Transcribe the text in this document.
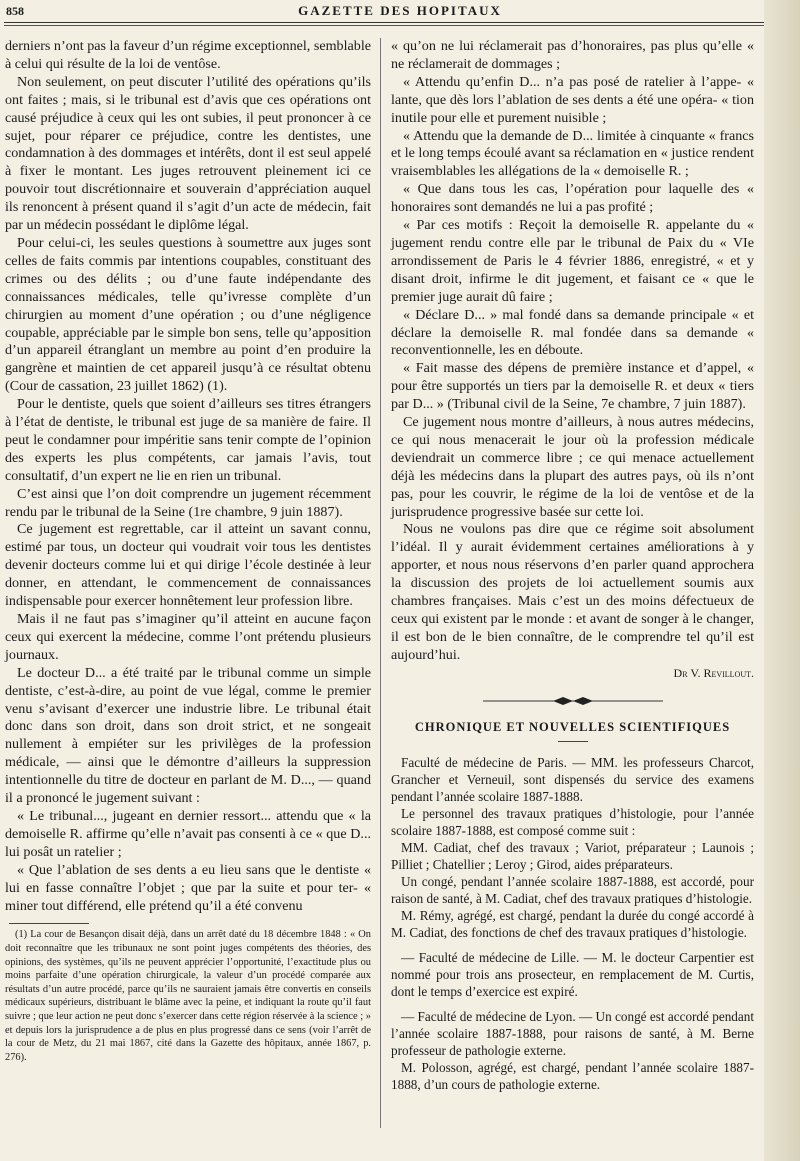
858	GAZETTE DES HOPITAUX

derniers n’ont pas la faveur d’un régime exceptionnel, semblable à celui qui résulte de la loi de ventôse.

Non seulement, on peut discuter l’utilité des opérations qu’ils ont faites ; mais, si le tribunal est d’avis que ces opérations ont causé préjudice à ceux qui les ont subies, il peut prononcer à ce sujet, pour réparer ce préjudice, contre les dentistes, une condamnation à des dommages et intérêts, dont il est seul appelé à fixer le montant. Les juges retrouvent pleinement ici ce pouvoir tout discrétionnaire et souverain d’appréciation auquel ils renoncent à présent quand il s’agit d’un acte de médecin, fait par un médecin possédant le diplôme légal.

Pour celui-ci, les seules questions à soumettre aux juges sont celles de faits commis par intentions coupables, constituant des crimes ou des délits ; ou d’une faute indépendante des connaissances médicales, telle qu’ivresse complète d’un chirurgien au moment d’une opération ; ou d’une négligence coupable, appréciable par le simple bon sens, telle qu’apposition d’un appareil étranglant un membre au point d’en produire la gangrène et maintien de cet appareil jusqu’à ce résultat obtenu (Cour de cassation, 23 juillet 1862) (1).

Pour le dentiste, quels que soient d’ailleurs ses titres étrangers à l’état de dentiste, le tribunal est juge de sa manière de faire. Il peut le condamner pour impéritie sans tenir compte de l’opinion des experts les plus compétents, car jamais l’avis, tout consultatif, d’un expert ne lie en rien un tribunal.

C’est ainsi que l’on doit comprendre un jugement récemment rendu par le tribunal de la Seine (1re chambre, 9 juin 1887).

Ce jugement est regrettable, car il atteint un savant connu, estimé par tous, un docteur qui voudrait voir tous les dentistes devenir docteurs comme lui et qui dirige l’école destinée à leur donner, en attendant, le commencement de connaissances indispensable pour exercer honnêtement leur profession libre.

Mais il ne faut pas s’imaginer qu’il atteint en aucune façon ceux qui exercent la médecine, comme l’ont prétendu plusieurs journaux.

Le docteur D... a été traité par le tribunal comme un simple dentiste, c’est-à-dire, au point de vue légal, comme le premier venu s’avisant d’exercer une industrie libre. Le tribunal était donc dans son droit, dans son droit strict, et ne songeait nullement à empiéter sur les privilèges de la profession médicale, — ainsi que le démontre d’ailleurs la suppression intentionnelle du titre de docteur en parlant de M. D..., — quand il a prononcé le jugement suivant :

« Le tribunal..., jugeant en dernier ressort... attendu que « la demoiselle R. affirme qu’elle n’avait pas consenti à ce « que D... lui posât un ratelier ;

« Que l’ablation de ses dents a eu lieu sans que le dentiste « lui en fasse connaître l’objet ; que par la suite et pour ter- « miner tout différend, elle prétend qu’il a été convenu

(1) La cour de Besançon disait déjà, dans un arrêt daté du 18 décembre 1848 : « On doit reconnaître que les tribunaux ne sont point juges compétents des théories, des opinions, des systèmes, qu’ils ne peuvent apprécier l’opportunité, l’exactitude plus ou moins parfaite d’une opération chirurgicale, la valeur d’un procédé comparée aux résultats d’un autre procédé, parce qu’ils ne sauraient jamais être convertis en conseils médicaux supérieurs, distribuant le blâme avec la peine, et indiquant la route qu’il faut suivre ; que leur action ne peut donc s’exercer dans cette région réservée à la science ; » et depuis lors la jurisprudence a de plus en plus progressé dans ce sens (voir l’arrêt de la cour de Metz, du 21 mai 1867, cité dans la Gazette des hôpitaux, année 1867, p. 276).

« qu’on ne lui réclamerait pas d’honoraires, pas plus qu’elle « ne réclamerait de dommages ;

« Attendu qu’enfin D... n’a pas posé de ratelier à l’appe- « lante, que dès lors l’ablation de ses dents a été une opéra- « tion inutile pour elle et purement nuisible ;

« Attendu que la demande de D... limitée à cinquante « francs et le long temps écoulé avant sa réclamation en « justice rendent vraisemblables les allégations de la « demoiselle R. ;

« Que dans tous les cas, l’opération pour laquelle des « honoraires sont demandés ne lui a pas profité ;

« Par ces motifs : Reçoit la demoiselle R. appelante du « jugement rendu contre elle par le tribunal de Paix du « VIe arrondissement de Paris le 4 février 1886, enregistré, « et y disant droit, infirme le dit jugement, et faisant ce « que le premier juge aurait dû faire ;

« Déclare D... » mal fondé dans sa demande principale « et déclare la demoiselle R. mal fondée dans sa demande « reconventionnelle, les en déboute.

« Fait masse des dépens de première instance et d’appel, « pour être supportés un tiers par la demoiselle R. et deux « tiers par D... » (Tribunal civil de la Seine, 7e chambre, 7 juin 1887).

Ce jugement nous montre d’ailleurs, à nous autres médecins, ce qui nous menacerait le jour où la profession médicale deviendrait un commerce libre ; ce qui menace actuellement déjà les médecins dans la plupart des autres pays, où ils n’ont pas, pour les couvrir, le régime de la loi de ventôse et de la jurisprudence progressive basée sur cette loi.

Nous ne voulons pas dire que ce régime soit absolument l’idéal. Il y aurait évidemment certaines améliorations à y apporter, et nous nous réservons d’en parler quand approchera la discussion des projets de loi actuellement soumis aux chambres françaises. Mais c’est un des moins défectueux de ceux qui existent par le monde : et avant de songer à le changer, il est bon de le bien connaître, de le comprendre tel qu’il est aujourd’hui.

Dr V. Revillout.
CHRONIQUE ET NOUVELLES SCIENTIFIQUES

Faculté de médecine de Paris. — MM. les professeurs Charcot, Grancher et Verneuil, sont dispensés du service des examens pendant l’année scolaire 1887-1888.

Le personnel des travaux pratiques d’histologie, pour l’année scolaire 1887-1888, est composé comme suit :

MM. Cadiat, chef des travaux ; Variot, préparateur ; Launois ; Pilliet ; Chatellier ; Leroy ; Girod, aides préparateurs.

Un congé, pendant l’année scolaire 1887-1888, est accordé, pour raison de santé, à M. Cadiat, chef des travaux pratiques d’histologie.

M. Rémy, agrégé, est chargé, pendant la durée du congé accordé à M. Cadiat, des fonctions de chef des travaux pratiques d’histologie.

— Faculté de médecine de Lille. — M. le docteur Carpentier est nommé pour trois ans prosecteur, en remplacement de M. Curtis, dont le temps d’exercice est expiré.

— Faculté de médecine de Lyon. — Un congé est accordé pendant l’année scolaire 1887-1888, pour raisons de santé, à M. Berne professeur de pathologie externe.

M. Polosson, agrégé, est chargé, pendant l’année scolaire 1887-1888, d’un cours de pathologie externe.
